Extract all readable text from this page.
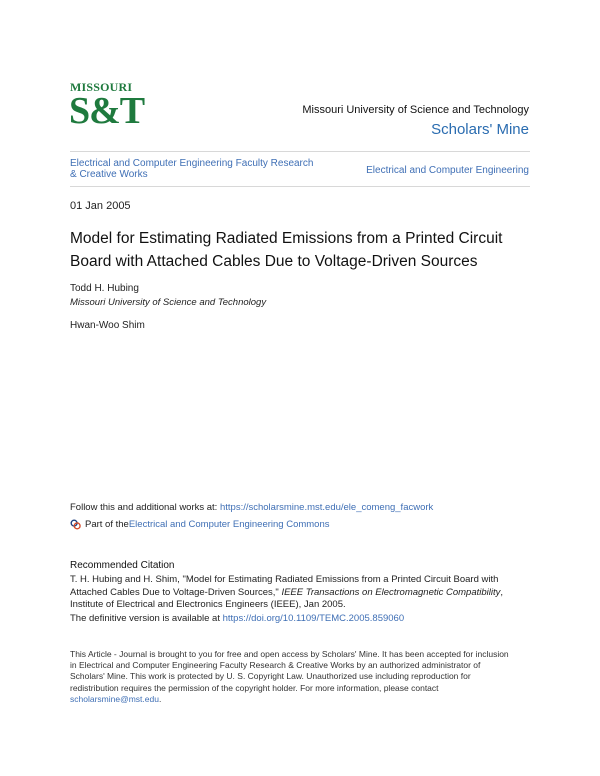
MISSOURI
S&T	Missouri University of Science and Technology
Scholars' Mine
Electrical and Computer Engineering Faculty Research & Creative Works	Electrical and Computer Engineering
01 Jan 2005
Model for Estimating Radiated Emissions from a Printed Circuit Board with Attached Cables Due to Voltage-Driven Sources
Todd H. Hubing
Missouri University of Science and Technology
Hwan-Woo Shim
Follow this and additional works at: https://scholarsmine.mst.edu/ele_comeng_facwork
Part of the Electrical and Computer Engineering Commons
Recommended Citation
T. H. Hubing and H. Shim, "Model for Estimating Radiated Emissions from a Printed Circuit Board with Attached Cables Due to Voltage-Driven Sources," IEEE Transactions on Electromagnetic Compatibility, Institute of Electrical and Electronics Engineers (IEEE), Jan 2005.
The definitive version is available at https://doi.org/10.1109/TEMC.2005.859060
This Article - Journal is brought to you for free and open access by Scholars' Mine. It has been accepted for inclusion in Electrical and Computer Engineering Faculty Research & Creative Works by an authorized administrator of Scholars' Mine. This work is protected by U. S. Copyright Law. Unauthorized use including reproduction for redistribution requires the permission of the copyright holder. For more information, please contact scholarsmine@mst.edu.
